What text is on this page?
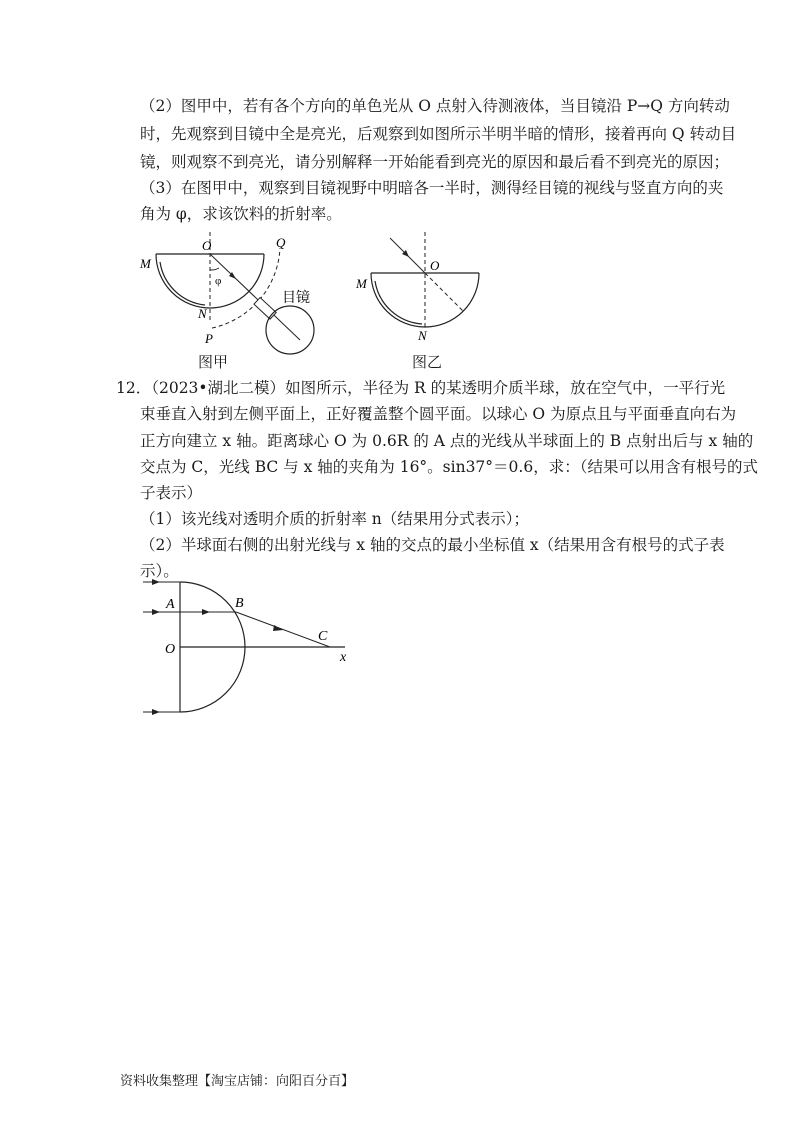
（2）图甲中，若有各个方向的单色光从 O 点射入待测液体，当目镜沿 P→Q 方向转动
时，先观察到目镜中全是亮光，后观察到如图所示半明半暗的情形，接着再向 Q 转动目
镜，则观察不到亮光，请分别解释一开始能看到亮光的原因和最后看不到亮光的原因；
（3）在图甲中，观察到目镜视野中明暗各一半时，测得经目镜的视线与竖直方向的夹
角为 φ，求该饮料的折射率。
O	Q
M
N
P
φ
目镜
图甲
O
M
N
图乙
12．（2023•湖北二模）如图所示，半径为 R 的某透明介质半球，放在空气中，一平行光
束垂直入射到左侧平面上，正好覆盖整个圆平面。以球心 O 为原点且与平面垂直向右为
正方向建立 x 轴。距离球心 O 为 0.6R 的 A 点的光线从半球面上的 B 点射出后与 x 轴的
交点为 C，光线 BC 与 x 轴的夹角为 16°。sin37°＝0.6，求：（结果可以用含有根号的式
子表示）
（1）该光线对透明介质的折射率 n（结果用分式表示）；
（2）半球面右侧的出射光线与 x 轴的交点的最小坐标值 x（结果用含有根号的式子表
示）。
A	B
O
C
x
资料收集整理【淘宝店铺：向阳百分百】
